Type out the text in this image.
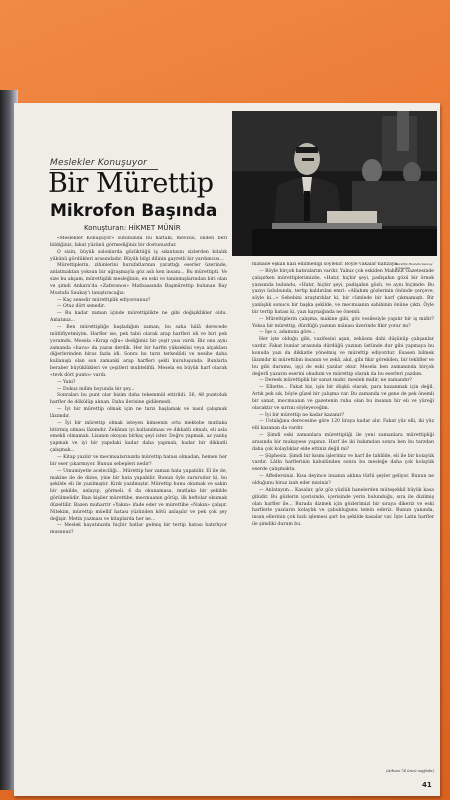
Mürettip Mustafa Saukay iş başında
Meslekler Konuşuyor
Bir Mürettip
Mikrofon Başında
Konuşturan: HİKMET MÜNİR

«Meslekler Konuşuyor» sütununda bu haftaki, mevzuu, önden beri bildiğiniz, fakat yüzünü görmediğiniz bir dostunuzdur.

O sizin, büyük salonlarda gözüktüğü iş sıkıntısını sizlerden kıtalık yükünü gördükleri arasındadır. Büyük bilgi dilinin gayretli bir yardımcısı...

Mürettiplerin, zihinlerini hurufatlarının yarattığı eserler üzerinde, anlatmaktan yoksun bir uğraşmayla göz aslı ken insanı... Bu mürettipti. Ve size bu akşam, mürettiplik mesleğinin, en eski ve tanınmışlarından biri olan ve şimdi Ankara'da «Zaferanos» Matbaasında Başmürettip bulunan Bay Mustafa Saukay'ı tanıştıracağız:

— Kaç senedir mürettiplik ediyorsunuz?

— Otuz dört senedir.

— Bu kadar zaman içinde mürettiplikte ne gibi değişiklikler oldu. Anlatınız...

— Ben mürettipliğe başladığım zaman, bu saha hâlâ derecede mütlifiyetmiyim. Harfler ise, pek tabii olarak arap harfleri idi ve biri pek yorumdu. Mesela «Kırap oğlu» dediğimiz bir çeşit yası vardı. Biz ona aynı zamanda «hava» da yazısı derdik. Her bir harfin yükseklisi veya alçaklası diğerlerinden biraz fazla idi. Sonra bu tarzı terkedildi ve nesihe daha kullanışlı olan son zamanki arap harfleri şekli kuruluşunda. Bunlarla beraber büyüklükleri ve çeşitleri muhtelifdi. Mesela en büyük harf olarak «tevk dört punto» vardı.

— Yani?

— Dokuz milim boyunda bir şey...

Sonraları bu punt olar bizim daha tekemmül ettirildi. 36, 48 puntoluk harfler de dökülüp alınan. Daha ilerisine gidilemedi.

— İyi bir mürettip olmak için ne tarzı başlamak ve nasıl çalışmak lâzımdır.

— İyi bir mürettip olmak isteyen kimsenin orta mektebe mutlaka bitirmiş olması lâzımdır. Zekânın iyi kullanılması ve dikkatli olmalı, eli asla emekli olmamalı. Lisanın okuyan birkaç şeyi ister. Doğru yapmak, az yanlış yapmak ve iyi bir yapıdaki kadar daha yapmalı, kadar bir dikkatli çalışmak...

— Kitap yazılır ve mecmualarınızda mürettip hatası olmadan, hemen her bir eser çıkarmıyor. Bunun sebepleri nedir?

— Umumiyetle aceleciliği... Mürettip her zaman hata yapabilir. El ile de, makine ile de dizse, yine bir hata yapabilir. Bunun öyle zarurudur ki, bu şekilde eli ile yazılmıştır. Kırık yazılmıştır. Mürettip bunu okumak ve sakin bir şekilde, anlayıp, görmeli. 6 da okunamasa, mutlaka bir şekilde görülmelidir. Bazı kişiler mürettibe, mecmuanın görüp, ilk heftolar okumak düzeltilir. Bazen muharrir «Yakın» ifade eder ve mürettibe «Nakın» çalışır. Nitekim, mürettip müellif hatası yüzünden kötü anlaşılır ve pek çok şey değişir. Metin yazması ve kitaplarda her ne...

— Meslek hayatınızda hiçbir hatlar gelmiş bir tertip hatası hatırlıyor musunuz?

mahalle eşkâli kâzı edilmediği söylenir. Böyle vakalar hafızaya.

— Böyle birçok hatıralarım vardır. Yalnız çok eskiden Mahmut Gazetesinde çalışırken mürettiplerimizde, «Hatır, hiçbir şeyi, padişahın gözü bir örnek yazısında bulundu, «Hatır, hiçbir şeyi, padişahın gözü, ve aynı biçimde: Bu yazıyı üslubunda, tertip kaldırılan emri: «Allahım gözlerinin önünde çerçeve, söyle ki...» Sebebini araştırdılar ki, bir cümlede bir harf çıkmamıştı. Bir yanlışlık sonucu bir başka şekilde, ve mecmuanın sahibinin önüne çıktı. Öyle bir tertip hatası ki, yazı kaynağında ne önemli.

— Mürettiplerin çalışma, makine gibi, göz vesilesiyle yapılır bir iş midir? Yoksa bir mürettip, dürdüğü yazının mânası üzerinde fikir yorar mı?

— İşe o, adamına göre...

Her işte olduğu gibi, vazifesini aşan, zekâsını dahi düşünüp çalışanlar vardır. Fakat bunlar arasında dürdüğü yazının üstünde dur gibi yapmaya bu konuda yazı da dikkatle yönelmiş ve mürettip ediyordur. Esasen bilmek lâzımdır ki mürettibin insanın ve zekâ, akıl, gibi fikir görebilen, bir teklifler ve bu gibi durumu, işçi de eski yazılar okur. Mesela ben zamanında birçok değerli yazarın eserini okudum ve mürettip olarak da bu eserleri yazdım.

— Dereek mürettiplik bir sanat mıdır, meslek midir, ne zamandır?

— Elbette... Fakat biz, işin bir düşkü olarak, para kazanmak için değil. Artık pek sık, böyle güzel bir çalışma var. Bu zamanda ve gene de pek önemli bir sanat, mecmuanın ve gazetenin ruhu olan bu insanın bir eli ve yüreği olacaktır ve sırrını söyleyeceğim.

— İyi bir mürettip ne kadar kazanır?

— Ustalığına derecesine göre 120 liraya kadar alır. Fakat yüz elli, iki yüz elli kazanan da vardır.

— Şimdi eski zamanlara mürettipliği ile yeni zamanlara mürettipliği arasında bir mukayese yapınız. Harf ile iki bakımdan sonra ben bu tarzdan daha çok kolaylıklar elde ettiniz değil mi?

— Şüphesiz. Şimdi bir kısmı işlerimiz ve harf ile tahlilde, eli ile bir kolaylık vardır. Lâtin harflerinin kabulünden sonra bu mesleğe daha çok kolaylık eserde çalışmakta.

— Affedersiniz. Kısa deyince insanın aklına türlü şeyler geliyor. Bunun ne olduğunu biraz izah eder misiniz?

— Anlatayım... Kasalar, göz göz yüzlük hanelerden müteşekkil büyük kasa gibidir. Bu gözlerin içerisinde, içerisinde yerin bulunduğu, sıra ile dizilmiş olan harfler ile... Burada dizmek için gözlerimizi bir sıraya dikeriz ve eski harflerle yazıların kolaylık ve çabukluğunu temin ederiz. Bunun yanında, insan ellerinin çok hızlı işlemesi şart bu şekilde kasalar var. İşte Latin harfler ile şimdiki durum bu.

(Arkası 74 üncü sayfada)
41
